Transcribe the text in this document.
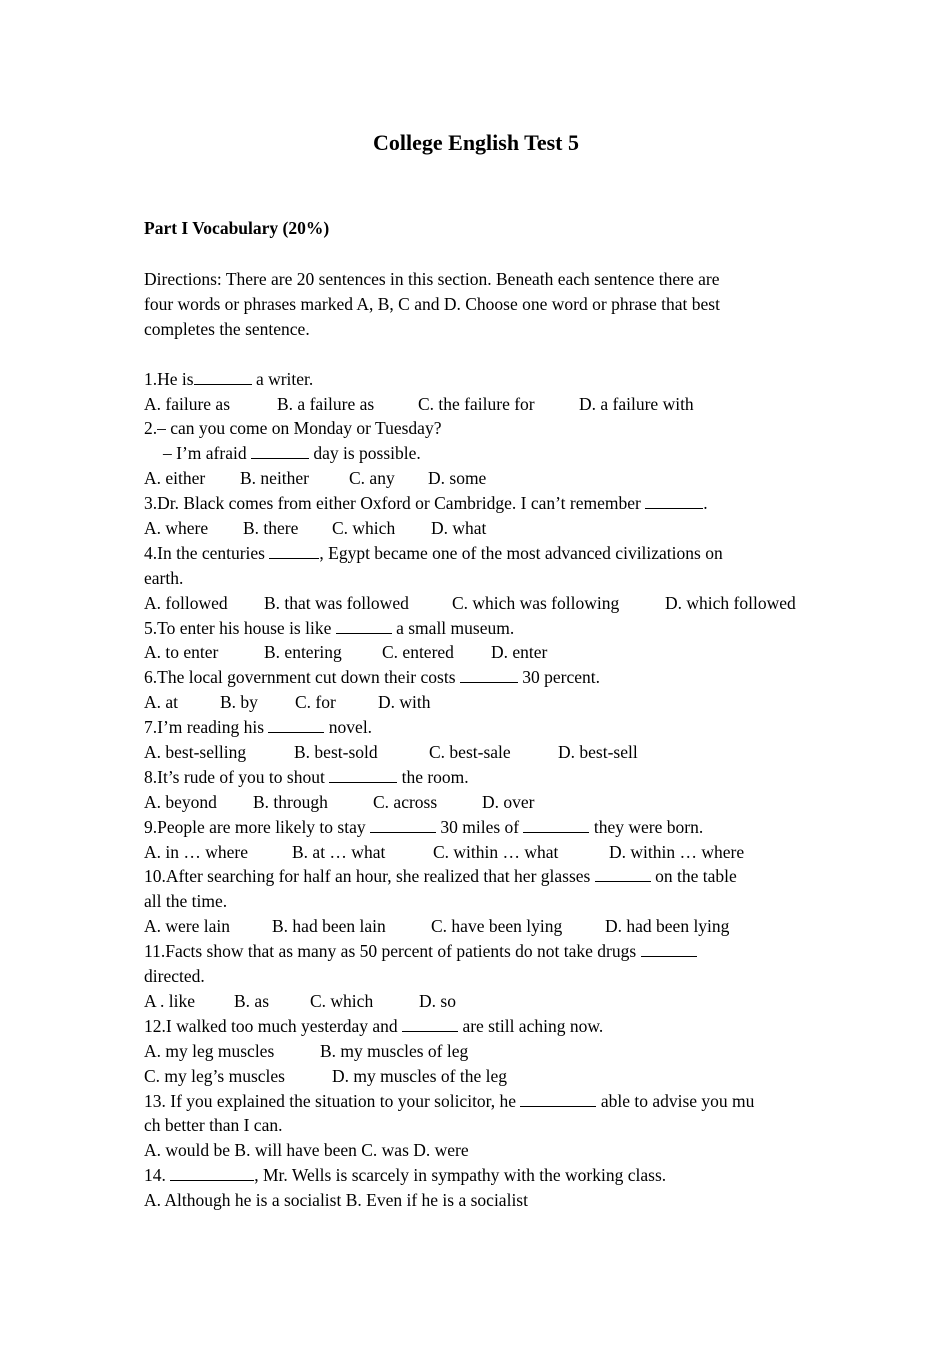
College English Test 5
Part I Vocabulary (20%)
Directions: There are 20 sentences in this section. Beneath each sentence there are
four words or phrases marked A, B, C and D. Choose one word or phrase that best
completes the sentence.
1.He is	a writer.
A. failure as	B. a failure as	C. the failure for	D. a failure with
2.– can you come on Monday or Tuesday?
– I’m afraid	day is possible.
A. either B. neither C. any D. some
3.Dr. Black comes from either Oxford or Cambridge. I can’t remember	.
A. where B. there C. which D. what
4.In the centuries	, Egypt became one of the most advanced civilizations on
earth.
A. followed B. that was followed C. which was following	D. which followed
5.To enter his house is like	a small museum.
A. to enter	B. entering C. entered D. enter
6.The local government cut down their costs	30 percent.
A. at B. by C. for D. with
7.I’m reading his	novel.
A. best-selling	B. best-sold	C. best-sale	D. best-sell
8.It’s rude of you to shout	the room.
A. beyond B. through	C. across	D. over
9.People are more likely to stay	30 miles of	they were born.
A. in … where	B. at … what	C. within … what	D. within … where
10.After searching for half an hour, she realized that her glasses	on the table
all the time.
A. were lain B. had been lain	C. have been lying D. had been lying
11.Facts show that as many as 50 percent of patients do not take drugs
directed.
A . like B. as C. which	D. so
12.I walked too much yesterday and	are still aching now.
A. my leg muscles	B. my muscles of leg
C. my leg’s muscles	D. my muscles of the leg
13. If you explained the situation to your solicitor, he	able to advise you mu
ch better than I can.
A. would be B. will have been C. was D. were
14.	, Mr. Wells is scarcely in sympathy with the working class.
A. Although he is a socialist B. Even if he is a socialist
